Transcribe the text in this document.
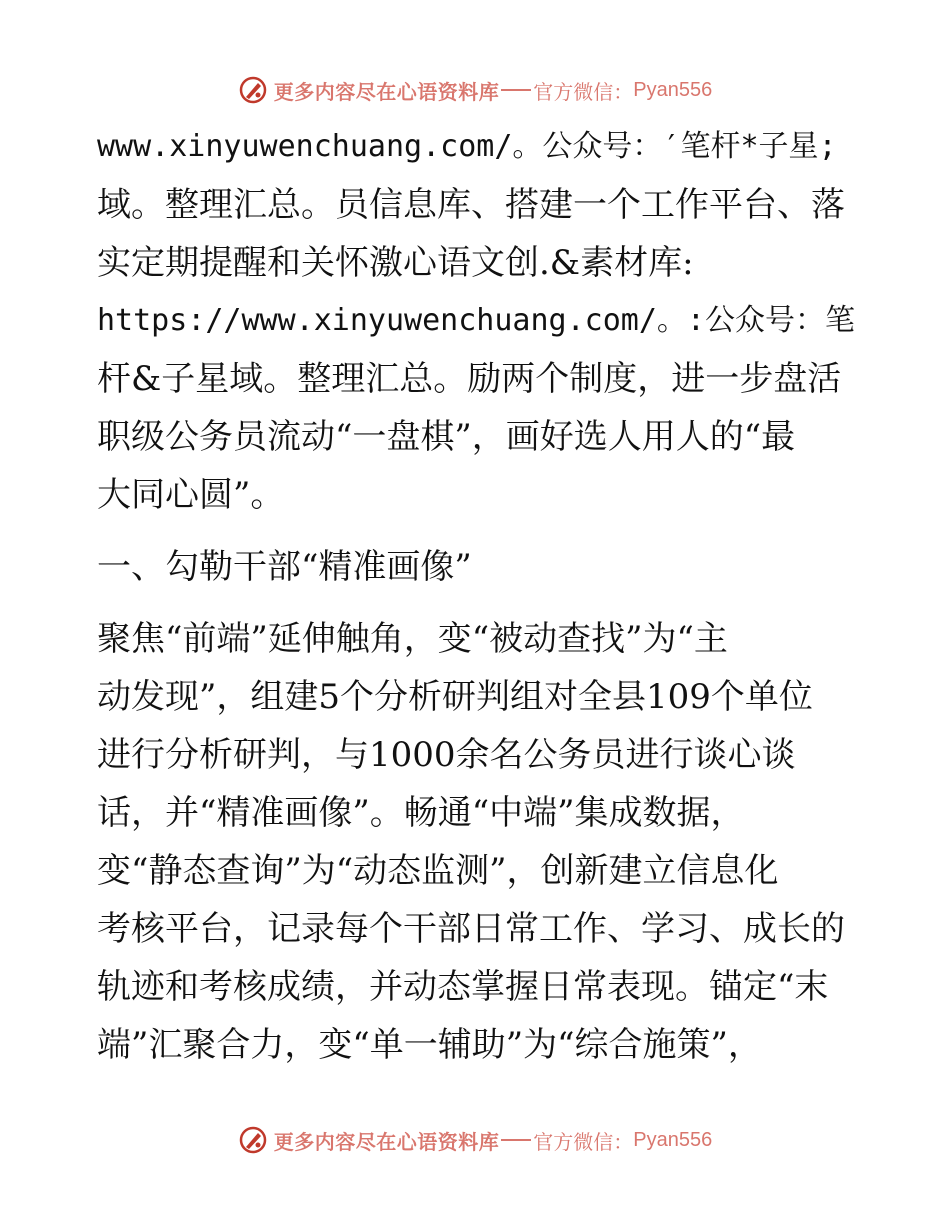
更多内容尽在心语资料库 官方微信： Pyan556
www.xinyuwenchuang.com/。公众号：′笔杆*子星;
域。整理汇总。员信息库、搭建一个工作平台、落
实定期提醒和关怀激心语文创.&素材库:
https://www.xinyuwenchuang.com/。:公众号：笔
杆&子星域。整理汇总。励两个制度，进一步盘活
职级公务员流动“一盘棋”，画好选人用人的“最
大同心圆”。
一、勾勒干部“精准画像”
聚焦“前端”延伸触角，变“被动查找”为“主
动发现”，组建5个分析研判组对全县109个单位
进行分析研判，与1000余名公务员进行谈心谈
话，并“精准画像”。畅通“中端”集成数据，
变“静态查询”为“动态监测”，创新建立信息化
考核平台，记录每个干部日常工作、学习、成长的
轨迹和考核成绩，并动态掌握日常表现。锚定“末
端”汇聚合力，变“单一辅助”为“综合施策”，
更多内容尽在心语资料库 官方微信： Pyan556
